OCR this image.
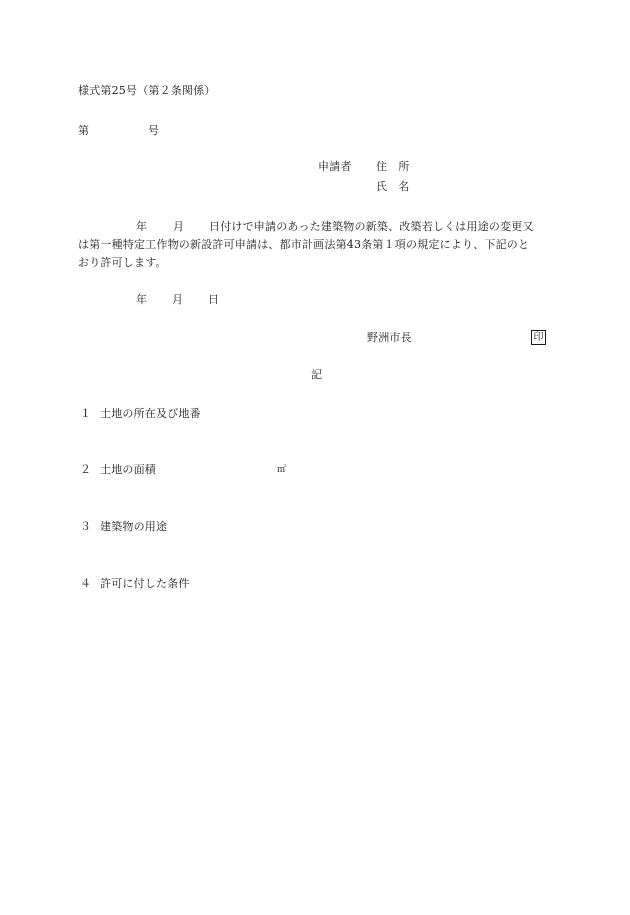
様式第25号（第２条関係）
第	号
申請者 住　所
氏　名
年 月 日付けで申請のあった建築物の新築、改築若しくは用途の変更又
は第一種特定工作物の新設許可申請は、都市計画法第43条第１項の規定により、下記のと
おり許可します。
年 月 日
野洲市長	印
記
１ 土地の所在及び地番
２ 土地の面積	㎡
３ 建築物の用途
４ 許可に付した条件
